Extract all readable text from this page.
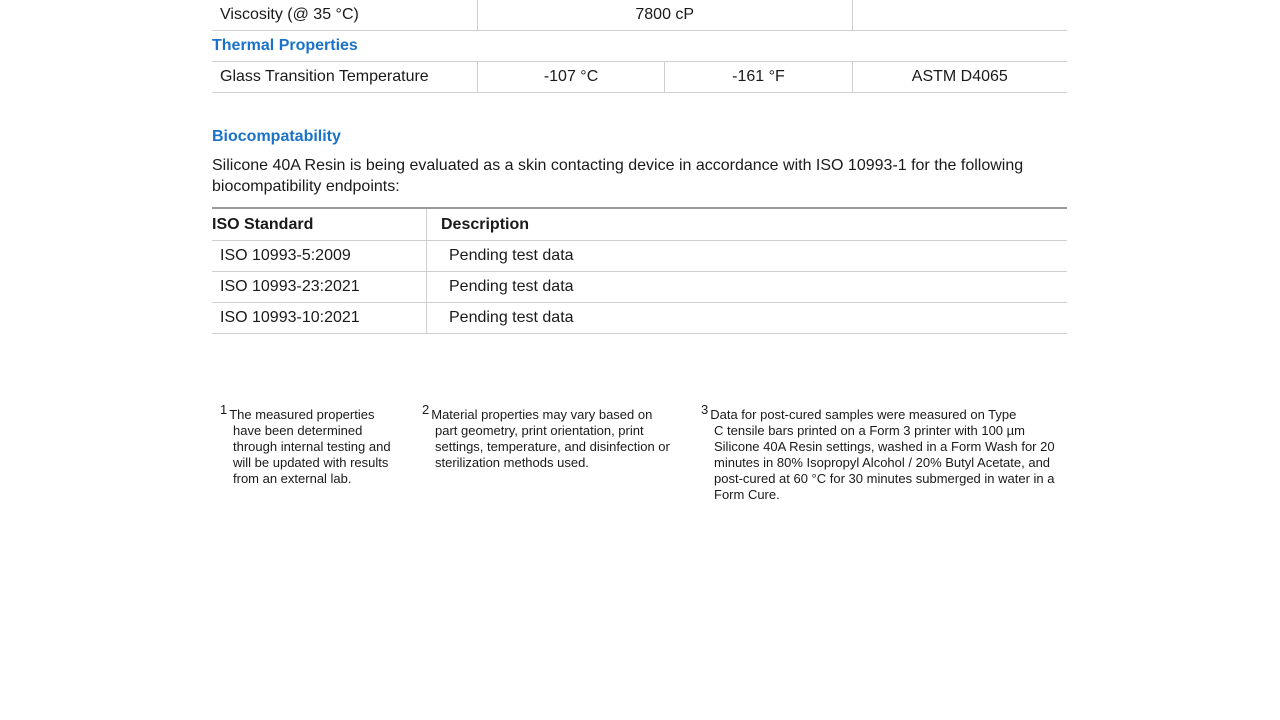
Viscosity (@ 35 °C)	7800 cP		
Thermal Properties			
Glass Transition Temperature	-107 °C	-161 °F	ASTM D4065
Biocompatability
Silicone 40A Resin is being evaluated as a skin contacting device in accordance with ISO 10993-1 for the following biocompatibility endpoints:
ISO Standard	Description
ISO 10993-5:2009	Pending test data
ISO 10993-23:2021	Pending test data
ISO 10993-10:2021	Pending test data
$^1$ The measured properties
have been determined through internal testing and will be updated with results from an external lab.
$^2$ Material properties may vary based on
part geometry, print orientation, print settings, temperature, and disinfection or sterilization methods used.
$^3$ Data for post-cured samples were measured on Type
C tensile bars printed on a Form 3 printer with 100 µm Silicone 40A Resin settings, washed in a Form Wash for 20 minutes in 80% Isopropyl Alcohol / 20% Butyl Acetate, and post-cured at 60 °C for 30 minutes submerged in water in a Form Cure.
